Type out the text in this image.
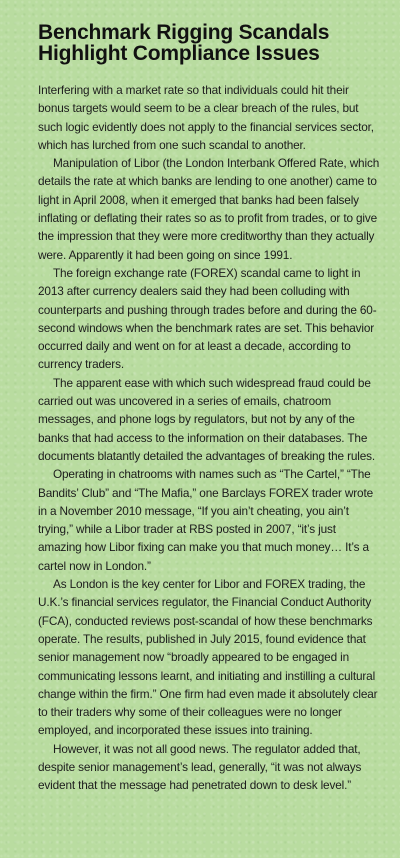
Benchmark Rigging Scandals
Highlight Compliance Issues

Interfering with a market rate so that individuals could hit their bonus targets would seem to be a clear breach of the rules, but such logic evidently does not apply to the financial services sector, which has lurched from one such scandal to another.

Manipulation of Libor (the London Interbank Offered Rate, which details the rate at which banks are lending to one another) came to light in April 2008, when it emerged that banks had been falsely inflating or deflating their rates so as to profit from trades, or to give the impression that they were more creditworthy than they actually were. Apparently it had been going on since 1991.

The foreign exchange rate (FOREX) scandal came to light in 2013 after currency dealers said they had been colluding with counterparts and pushing through trades before and during the 60-second windows when the benchmark rates are set. This behavior occurred daily and went on for at least a decade, according to currency traders.

The apparent ease with which such widespread fraud could be carried out was uncovered in a series of emails, chatroom messages, and phone logs by regulators, but not by any of the banks that had access to the information on their databases. The documents blatantly detailed the advantages of breaking the rules.

Operating in chatrooms with names such as “The Cartel,” “The Bandits’ Club” and “The Mafia,” one Barclays FOREX trader wrote in a November 2010 message, “If you ain’t cheating, you ain’t trying,” while a Libor trader at RBS posted in 2007, “it’s just amazing how Libor fixing can make you that much money… It’s a cartel now in London.”

As London is the key center for Libor and FOREX trading, the U.K.’s financial services regulator, the Financial Conduct Authority (FCA), conducted reviews post-scandal of how these benchmarks operate. The results, published in July 2015, found evidence that senior management now “broadly appeared to be engaged in communicating lessons learnt, and initiating and instilling a cultural change within the firm.” One firm had even made it absolutely clear to their traders why some of their colleagues were no longer employed, and incorporated these issues into training.

However, it was not all good news. The regulator added that, despite senior management’s lead, generally, “it was not always evident that the message had penetrated down to desk level.”
